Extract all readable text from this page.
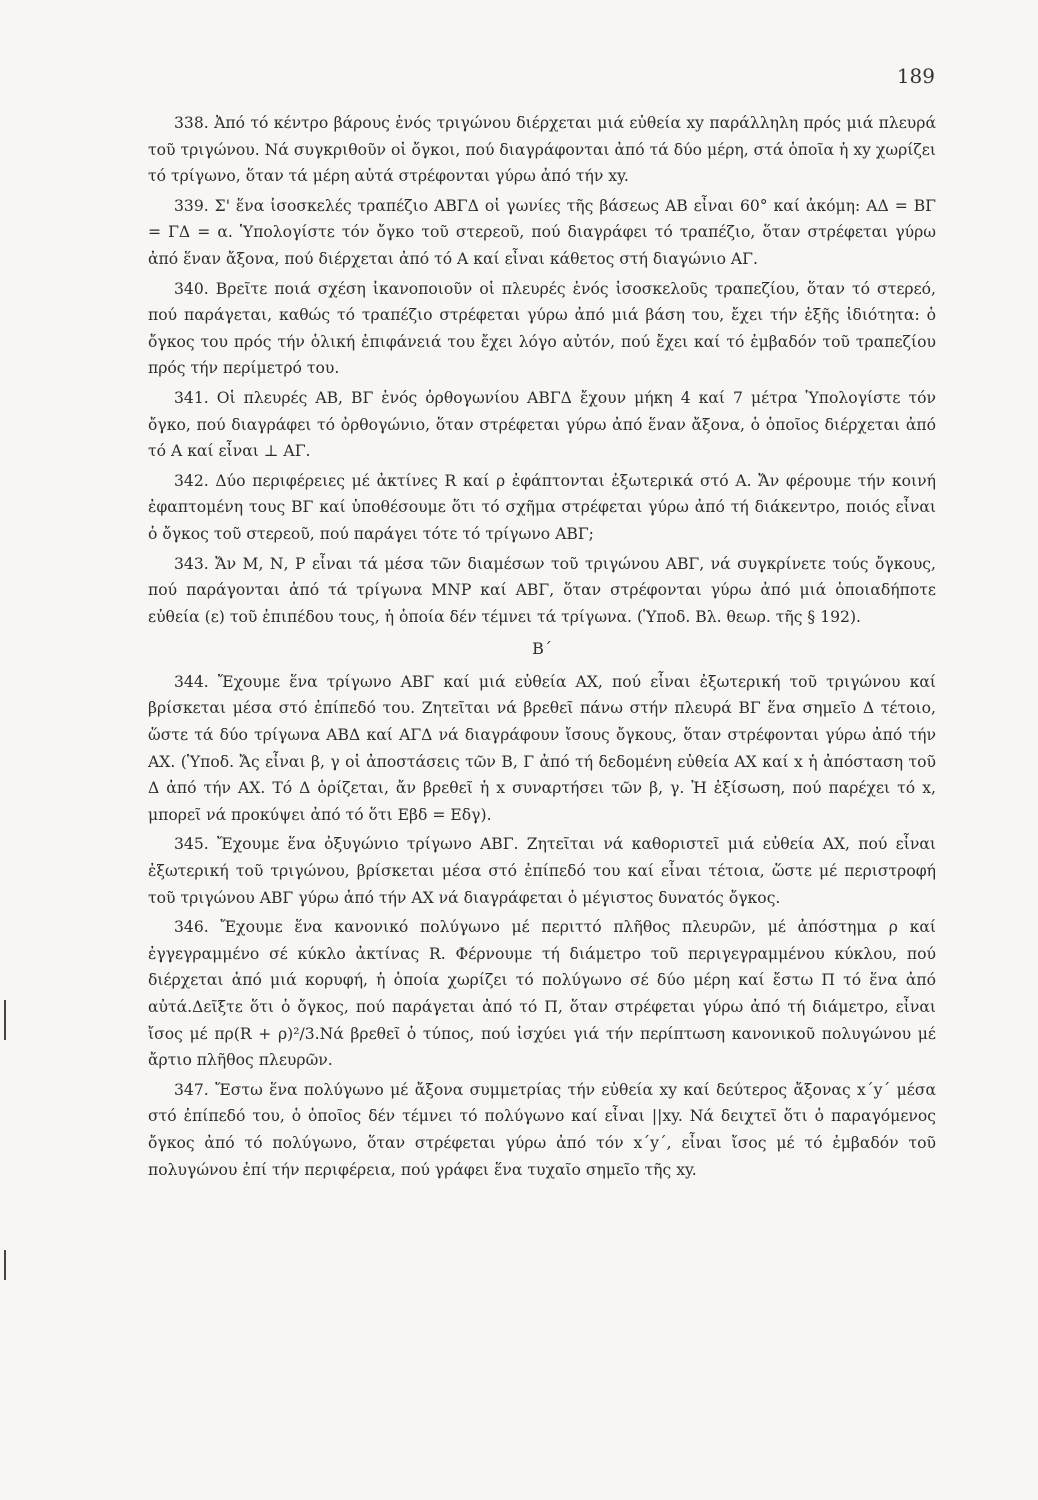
189

338. Ἀπό τό κέντρο βάρους ἑνός τριγώνου διέρχεται μιά εὐθεία xy παράλληλη πρός μιά πλευρά τοῦ τριγώνου. Νά συγκριθοῦν οἱ ὄγκοι, πού διαγράφονται ἀπό τά δύο μέρη, στά ὁποῖα ἡ xy χωρίζει τό τρίγωνο, ὅταν τά μέρη αὐτά στρέφονται γύρω ἀπό τήν xy.

339. Σ' ἕνα ἰσοσκελές τραπέζιο ΑΒΓΔ οἱ γωνίες τῆς βάσεως ΑΒ εἶναι 60° καί ἀκόμη: ΑΔ = ΒΓ = ΓΔ = α. Ὑπολογίστε τόν ὄγκο τοῦ στερεοῦ, πού διαγράφει τό τραπέζιο, ὅταν στρέφεται γύρω ἀπό ἕναν ἄξονα, πού διέρχεται ἀπό τό Α καί εἶναι κάθετος στή διαγώνιο ΑΓ.

340. Βρεῖτε ποιά σχέση ἱκανοποιοῦν οἱ πλευρές ἑνός ἰσοσκελοῦς τραπεζίου, ὅταν τό στερεό, πού παράγεται, καθώς τό τραπέζιο στρέφεται γύρω ἀπό μιά βάση του, ἔχει τήν ἑξῆς ἰδιότητα: ὁ ὄγκος του πρός τήν ὁλική ἐπιφάνειά του ἔχει λόγο αὐτόν, πού ἔχει καί τό ἐμβαδόν τοῦ τραπεζίου πρός τήν περίμετρό του.

341. Οἱ πλευρές ΑΒ, ΒΓ ἑνός ὀρθογωνίου ΑΒΓΔ ἔχουν μήκη 4 καί 7 μέτρα Ὑπολογίστε τόν ὄγκο, πού διαγράφει τό ὀρθογώνιο, ὅταν στρέφεται γύρω ἀπό ἕναν ἄξονα, ὁ ὁποῖος διέρχεται ἀπό τό Α καί εἶναι ⊥ ΑΓ.

342. Δύο περιφέρειες μέ ἀκτίνες R καί ρ ἐφάπτονται ἐξωτερικά στό Α. Ἄν φέρουμε τήν κοινή ἐφαπτομένη τους ΒΓ καί ὑποθέσουμε ὅτι τό σχῆμα στρέφεται γύρω ἀπό τή διάκεντρο, ποιός εἶναι ὁ ὄγκος τοῦ στερεοῦ, πού παράγει τότε τό τρίγωνο ΑΒΓ;

343. Ἄν Μ, Ν, Ρ εἶναι τά μέσα τῶν διαμέσων τοῦ τριγώνου ΑΒΓ, νά συγκρίνετε τούς ὄγκους, πού παράγονται ἀπό τά τρίγωνα ΜΝΡ καί ΑΒΓ, ὅταν στρέφονται γύρω ἀπό μιά ὁποιαδήποτε εὐθεία (ε) τοῦ ἐπιπέδου τους, ἡ ὁποία δέν τέμνει τά τρίγωνα. (Ὑποδ. Βλ. θεωρ. τῆς § 192).

Β΄

344. Ἔχουμε ἕνα τρίγωνο ΑΒΓ καί μιά εὐθεία ΑΧ, πού εἶναι ἐξωτερική τοῦ τριγώνου καί βρίσκεται μέσα στό ἐπίπεδό του. Ζητεῖται νά βρεθεῖ πάνω στήν πλευρά ΒΓ ἕνα σημεῖο Δ τέτοιο, ὥστε τά δύο τρίγωνα ΑΒΔ καί ΑΓΔ νά διαγράφουν ἴσους ὄγκους, ὅταν στρέφονται γύρω ἀπό τήν ΑΧ. (Ὑποδ. Ἄς εἶναι β, γ οἱ ἀποστάσεις τῶν Β, Γ ἀπό τή δεδομένη εὐθεία ΑΧ καί x ἡ ἀπόσταση τοῦ Δ ἀπό τήν ΑΧ. Τό Δ ὁρίζεται, ἄν βρεθεῖ ἡ x συναρτήσει τῶν β, γ. Ἡ ἐξίσωση, πού παρέχει τό x, μπορεῖ νά προκύψει ἀπό τό ὅτι Εβδ = Εδγ).

345. Ἔχουμε ἕνα ὀξυγώνιο τρίγωνο ΑΒΓ. Ζητεῖται νά καθοριστεῖ μιά εὐθεία ΑΧ, πού εἶναι ἐξωτερική τοῦ τριγώνου, βρίσκεται μέσα στό ἐπίπεδό του καί εἶναι τέτοια, ὥστε μέ περιστροφή τοῦ τριγώνου ΑΒΓ γύρω ἀπό τήν ΑΧ νά διαγράφεται ὁ μέγιστος δυνατός ὄγκος.

346. Ἔχουμε ἕνα κανονικό πολύγωνο μέ περιττό πλῆθος πλευρῶν, μέ ἀπόστημα ρ καί ἐγγεγραμμένο σέ κύκλο ἀκτίνας R. Φέρνουμε τή διάμετρο τοῦ περιγεγραμμένου κύκλου, πού διέρχεται ἀπό μιά κορυφή, ἡ ὁποία χωρίζει τό πολύγωνο σέ δύο μέρη καί ἔστω Π τό ἕνα ἀπό αὐτά.Δεῖξτε ὅτι ὁ ὄγκος, πού παράγεται ἀπό τό Π, ὅταν στρέφεται γύρω ἀπό τή διάμετρο, εἶναι ἴσος μέ πρ(R + ρ)²/3.Νά βρεθεῖ ὁ τύπος, πού ἰσχύει γιά τήν περίπτωση κανονικοῦ πολυγώνου μέ ἄρτιο πλῆθος πλευρῶν.

347. Ἔστω ἕνα πολύγωνο μέ ἄξονα συμμετρίας τήν εὐθεία xy καί δεύτερος ἄξονας x΄y΄ μέσα στό ἐπίπεδό του, ὁ ὁποῖος δέν τέμνει τό πολύγωνο καί εἶναι ||xy. Νά δειχτεῖ ὅτι ὁ παραγόμενος ὄγκος ἀπό τό πολύγωνο, ὅταν στρέφεται γύρω ἀπό τόν x΄y΄, εἶναι ἴσος μέ τό ἐμβαδόν τοῦ πολυγώνου ἐπί τήν περιφέρεια, πού γράφει ἕνα τυχαῖο σημεῖο τῆς xy.
